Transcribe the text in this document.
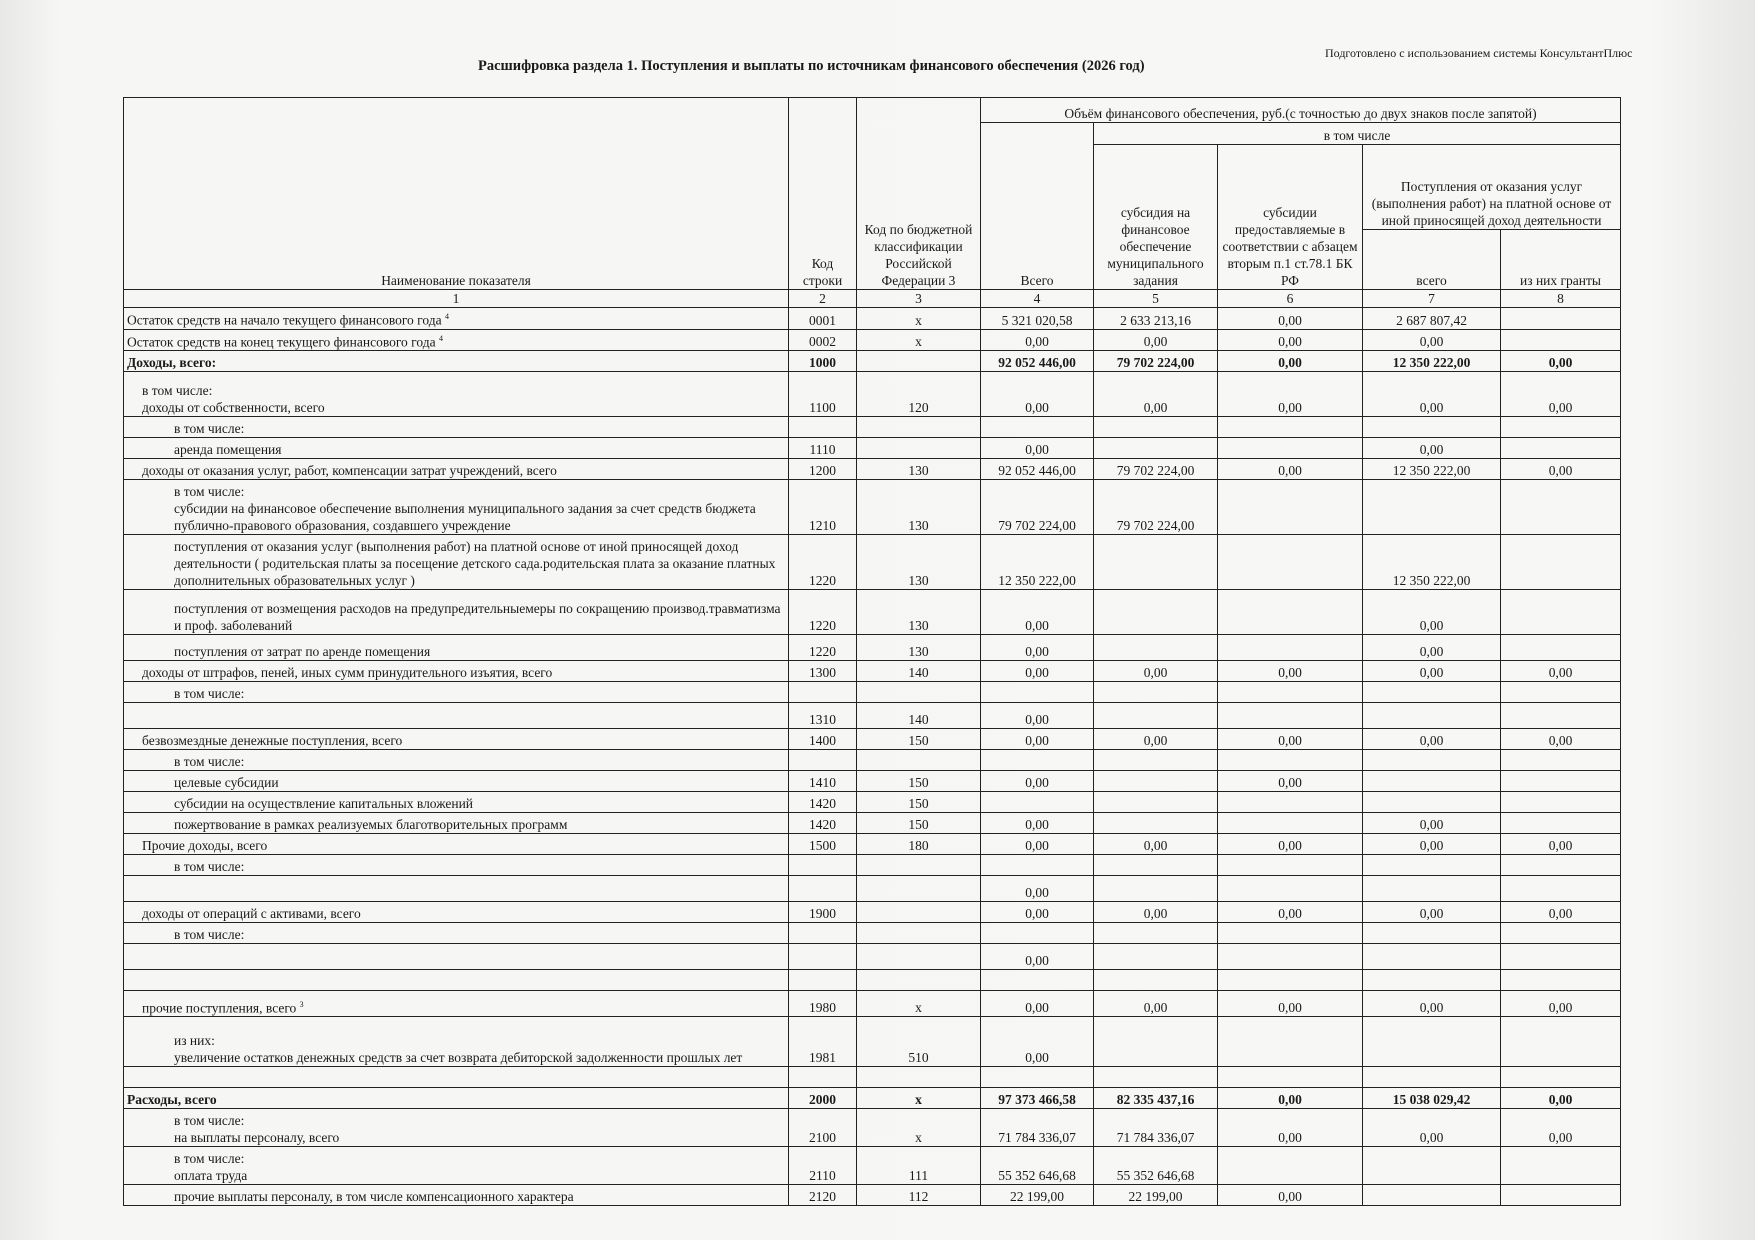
Расшифровка раздела 1. Поступления и выплаты по источникам финансового обеспечения (2026 год)
Подготовлено с использованием системы КонсультантПлюс
Наименование показателя	Код строки	Код по бюджетной классификации Российской Федерации 3	Объём финансового обеспечения, руб.(с точностью до двух знаков после запятой)				
			Всего	в том числе			
				субсидия на финансовое обеспечение муниципального задания	субсидии предоставляемые в соответствии с абзацем вторым п.1 ст.78.1 БК РФ	Поступления от оказания услуг (выполнения работ) на платной основе от иной приносящей доход деятельности	
						всего	из них гранты
1	2	3	4	5	6	7	8
Остаток средств на начало текущего финансового года $^4$	0001	x	5 321 020,58	2 633 213,16	0,00	2 687 807,42	
Остаток средств на конец текущего финансового года $^4$	0002	x	0,00	0,00	0,00	0,00	
Доходы, всего:	1000		92 052 446,00	79 702 224,00	0,00	12 350 222,00	0,00
в том числе:
доходы от собственности, всего	1100	120	0,00	0,00	0,00	0,00	0,00
в том числе:							
аренда помещения	1110		0,00			0,00	
доходы от оказания услуг, работ, компенсации затрат учреждений, всего	1200	130	92 052 446,00	79 702 224,00	0,00	12 350 222,00	0,00
в том числе:
субсидии на финансовое обеспечение выполнения муниципального задания за счет средств бюджета публично-правового образования, создавшего учреждение	1210	130	79 702 224,00	79 702 224,00			
поступления от оказания услуг (выполнения работ) на платной основе от иной приносящей доход деятельности ( родительская платы за посещение детского сада.родительская плата за оказание платных дополнительных образовательных услуг )	1220	130	12 350 222,00			12 350 222,00	
поступления от возмещения расходов на предупредительныемеры по сокращению производ.травматизма и проф. заболеваний	1220	130	0,00			0,00	
поступления от затрат по аренде помещения	1220	130	0,00			0,00	
доходы от штрафов, пеней, иных сумм принудительного изъятия, всего	1300	140	0,00	0,00	0,00	0,00	0,00
в том числе:							
	1310	140	0,00				
безвозмездные денежные поступления, всего	1400	150	0,00	0,00	0,00	0,00	0,00
в том числе:							
целевые субсидии	1410	150	0,00		0,00		
субсидии на осуществление капитальных вложений	1420	150					
пожертвование в рамках реализуемых благотворительных программ	1420	150	0,00			0,00	
Прочие доходы, всего	1500	180	0,00	0,00	0,00	0,00	0,00
в том числе:							
			0,00				
доходы от операций с активами, всего	1900		0,00	0,00	0,00	0,00	0,00
в том числе:							
			0,00				

прочие поступления, всего $^3$	1980	x	0,00	0,00	0,00	0,00	0,00
из них:
увеличение остатков денежных средств за счет возврата дебиторской задолженности прошлых лет	1981	510	0,00				

Расходы, всего	2000	x	97 373 466,58	82 335 437,16	0,00	15 038 029,42	0,00
в том числе:
на выплаты персоналу, всего	2100	x	71 784 336,07	71 784 336,07	0,00	0,00	0,00
в том числе:
оплата труда	2110	111	55 352 646,68	55 352 646,68			
прочие выплаты персоналу, в том числе компенсационного характера	2120	112	22 199,00	22 199,00	0,00		
